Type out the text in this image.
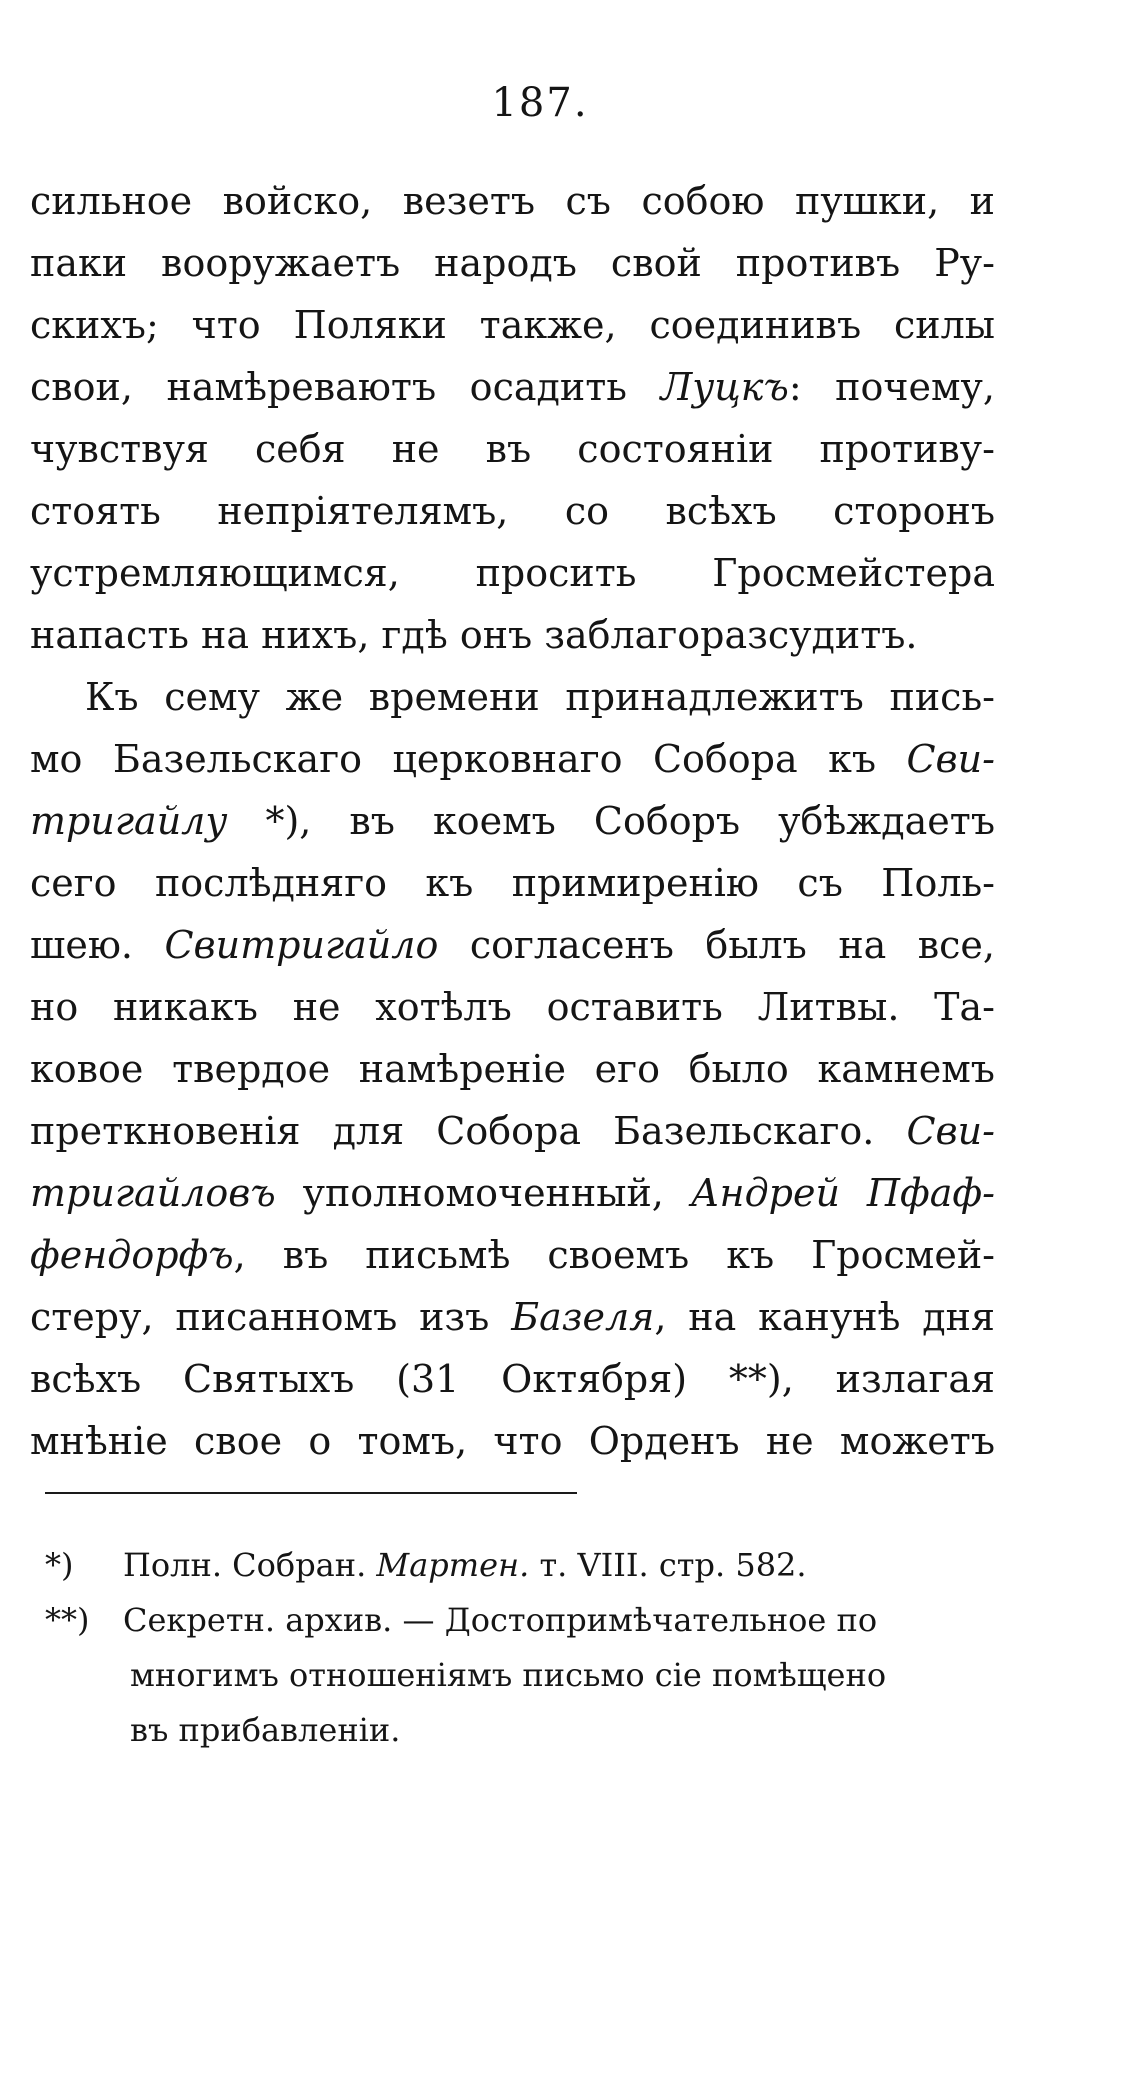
187.
сильное войско, везетъ съ собою пушки, и
паки вооружаетъ народъ свой противъ Ру-
скихъ; что Поляки также, соединивъ силы
свои, намѣреваютъ осадить Луцкъ: почему,
чувствуя себя не въ состояніи противу-
стоять непріятелямъ, со всѣхъ сторонъ
устремляющимся, просить Гросмейстера
напасть на нихъ, гдѣ онъ заблагоразсудитъ.
Къ сему же времени принадлежитъ пись-
мо Базельскаго церковнаго Собора къ Сви-
тригайлу *), въ коемъ Соборъ убѣждаетъ
сего послѣдняго къ примиренію съ Поль-
шею. Свитригайло согласенъ былъ на все,
но никакъ не хотѣлъ оставить Литвы. Та-
ковое твердое намѣреніе его было камнемъ
преткновенія для Собора Базельскаго. Сви-
тригайловъ уполномоченный, Андрей Пфаф-
фендорфъ, въ письмѣ своемъ къ Гросмей-
стеру, писанномъ изъ Базеля, на канунѣ дня
всѣхъ Святыхъ (31 Октября) **), излагая
мнѣніе свое о томъ, что Орденъ не можетъ
*) Полн. Собран. Мартен. т. VIII. стр. 582.
**) Секретн. архив. — Достопримѣчательное по
многимъ отношеніямъ письмо сіе помѣщено
въ прибавленіи.
